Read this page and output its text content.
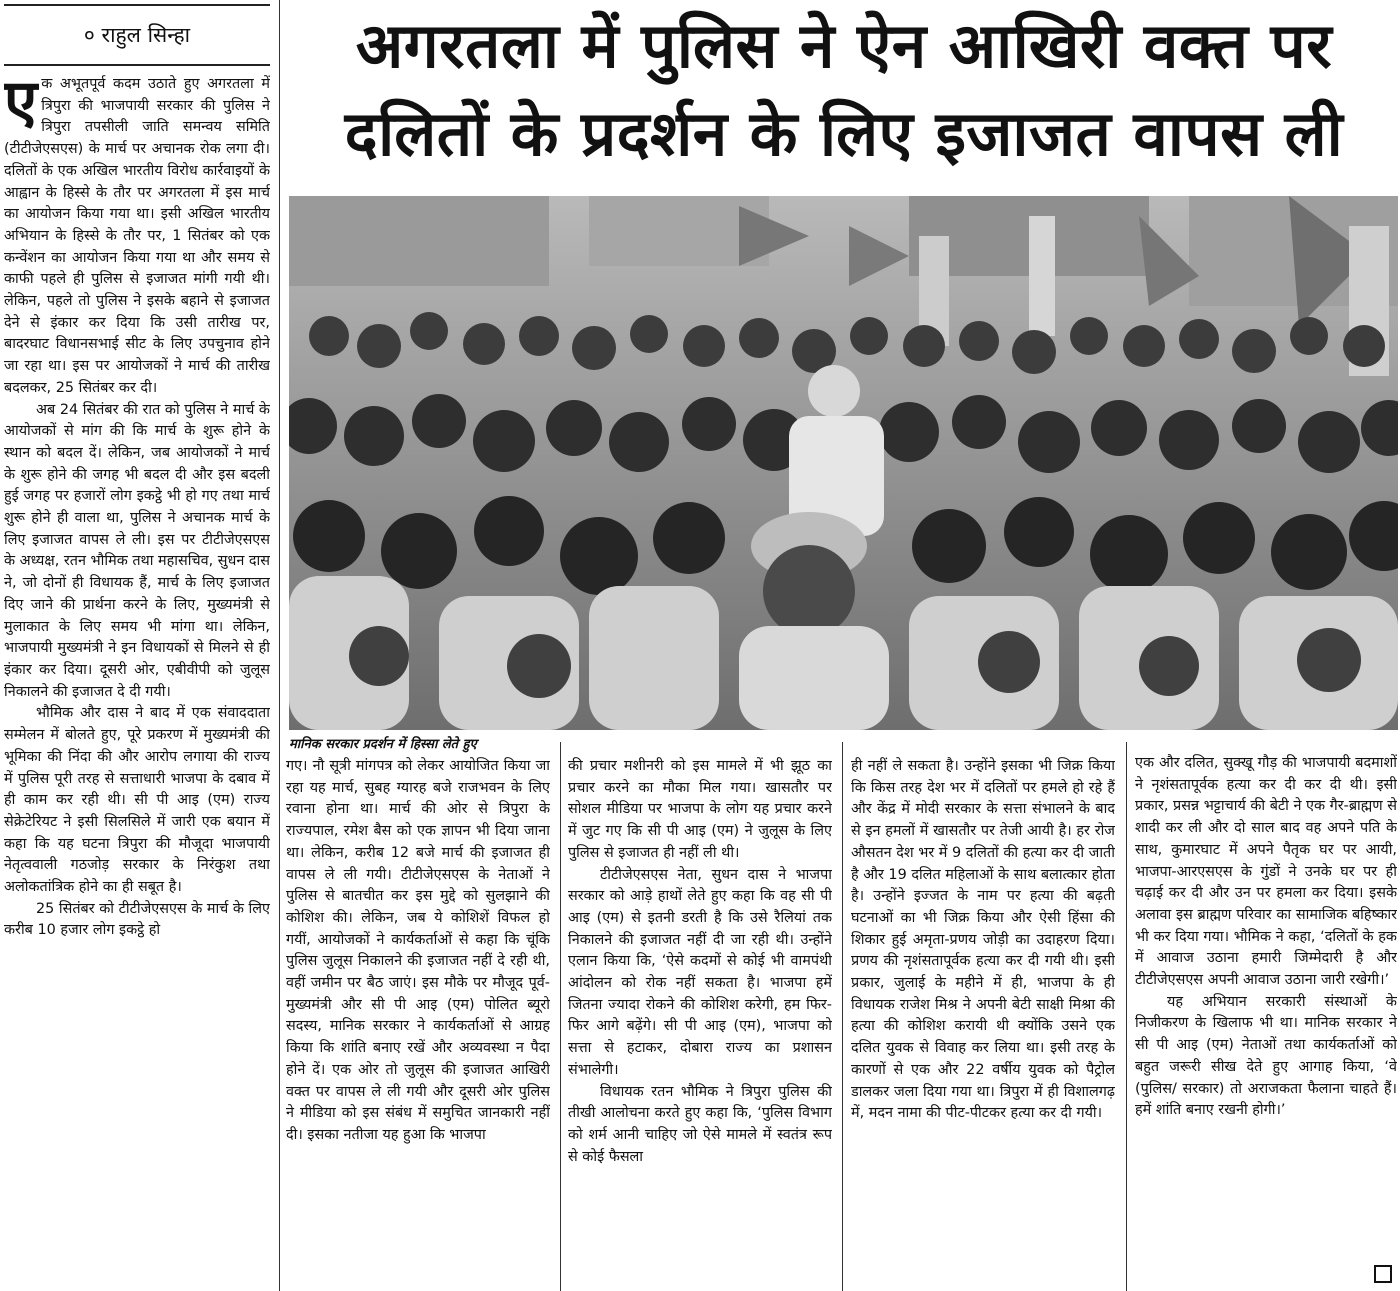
० राहुल सिन्हा

ए क अभूतपूर्व कदम उठाते हुए अगरतला में त्रिपुरा की भाजपायी सरकार की पुलिस ने त्रिपुरा तपसीली जाति समन्वय समिति (टीटीजेएसएस) के मार्च पर अचानक रोक लगा दी। दलितों के एक अखिल भारतीय विरोध कार्रवाइयों के आह्वान के हिस्से के तौर पर अगरतला में इस मार्च का आयोजन किया गया था। इसी अखिल भारतीय अभियान के हिस्से के तौर पर, 1 सितंबर को एक कन्वेंशन का आयोजन किया गया था और समय से काफी पहले ही पुलिस से इजाजत मांगी गयी थी। लेकिन, पहले तो पुलिस ने इसके बहाने से इजाजत देने से इंकार कर दिया कि उसी तारीख पर, बादरघाट विधानसभाई सीट के लिए उपचुनाव होने जा रहा था। इस पर आयोजकों ने मार्च की तारीख बदलकर, 25 सितंबर कर दी।

अब 24 सितंबर की रात को पुलिस ने मार्च के आयोजकों से मांग की कि मार्च के शुरू होने के स्थान को बदल दें। लेकिन, जब आयोजकों ने मार्च के शुरू होने की जगह भी बदल दी और इस बदली हुई जगह पर हजारों लोग इकट्ठे भी हो गए तथा मार्च शुरू होने ही वाला था, पुलिस ने अचानक मार्च के लिए इजाजत वापस ले ली। इस पर टीटीजेएसएस के अध्यक्ष, रतन भौमिक तथा महासचिव, सुधन दास ने, जो दोनों ही विधायक हैं, मार्च के लिए इजाजत दिए जाने की प्रार्थना करने के लिए, मुख्यमंत्री से मुलाकात के लिए समय भी मांगा था। लेकिन, भाजपायी मुख्यमंत्री ने इन विधायकों से मिलने से ही इंकार कर दिया। दूसरी ओर, एबीवीपी को जुलूस निकालने की इजाजत दे दी गयी।

भौमिक और दास ने बाद में एक संवाददाता सम्मेलन में बोलते हुए, पूरे प्रकरण में मुख्यमंत्री की भूमिका की निंदा की और आरोप लगाया की राज्य में पुलिस पूरी तरह से सत्ताधारी भाजपा के दबाव में ही काम कर रही थी। सी पी आइ (एम) राज्य सेक्रेटेरियट ने इसी सिलसिले में जारी एक बयान में कहा कि यह घटना त्रिपुरा की मौजूदा भाजपायी नेतृत्ववाली गठजोड़ सरकार के निरंकुश तथा अलोकतांत्रिक होने का ही सबूत है।

25 सितंबर को टीटीजेएसएस के मार्च के लिए करीब 10 हजार लोग इकट्ठे हो

अगरतला में पुलिस ने ऐन आखिरी वक्त पर
दलितों के प्रदर्शन के लिए इजाजत वापस ली
मानिक सरकार प्रदर्शन में हिस्सा लेते हुए

गए। नौ सूत्री मांगपत्र को लेकर आयोजित किया जा रहा यह मार्च, सुबह ग्यारह बजे राजभवन के लिए रवाना होना था। मार्च की ओर से त्रिपुरा के राज्यपाल, रमेश बैस को एक ज्ञापन भी दिया जाना था। लेकिन, करीब 12 बजे मार्च की इजाजत ही वापस ले ली गयी। टीटीजेएसएस के नेताओं ने पुलिस से बातचीत कर इस मुद्दे को सुलझाने की कोशिश की। लेकिन, जब ये कोशिशें विफल हो गयीं, आयोजकों ने कार्यकर्ताओं से कहा कि चूंकि पुलिस जुलूस निकालने की इजाजत नहीं दे रही थी, वहीं जमीन पर बैठ जाएं। इस मौके पर मौजूद पूर्व-मुख्यमंत्री और सी पी आइ (एम) पोलित ब्यूरो सदस्य, मानिक सरकार ने कार्यकर्ताओं से आग्रह किया कि शांति बनाए रखें और अव्यवस्था न पैदा होने दें। एक ओर तो जुलूस की इजाजत आखिरी वक्त पर वापस ले ली गयी और दूसरी ओर पुलिस ने मीडिया को इस संबंध में समुचित जानकारी नहीं दी। इसका नतीजा यह हुआ कि भाजपा

की प्रचार मशीनरी को इस मामले में भी झूठ का प्रचार करने का मौका मिल गया। खासतौर पर सोशल मीडिया पर भाजपा के लोग यह प्रचार करने में जुट गए कि सी पी आइ (एम) ने जुलूस के लिए पुलिस से इजाजत ही नहीं ली थी।

टीटीजेएसएस नेता, सुधन दास ने भाजपा सरकार को आड़े हाथों लेते हुए कहा कि वह सी पी आइ (एम) से इतनी डरती है कि उसे रैलियां तक निकालने की इजाजत नहीं दी जा रही थी। उन्होंने एलान किया कि, ‘ऐसे कदमों से कोई भी वामपंथी आंदोलन को रोक नहीं सकता है। भाजपा हमें जितना ज्यादा रोकने की कोशिश करेगी, हम फिर-फिर आगे बढ़ेंगे। सी पी आइ (एम), भाजपा को सत्ता से हटाकर, दोबारा राज्य का प्रशासन संभालेगी।

विधायक रतन भौमिक ने त्रिपुरा पुलिस की तीखी आलोचना करते हुए कहा कि, ‘पुलिस विभाग को शर्म आनी चाहिए जो ऐसे मामले में स्वतंत्र रूप से कोई फैसला

ही नहीं ले सकता है। उन्होंने इसका भी जिक्र किया कि किस तरह देश भर में दलितों पर हमले हो रहे हैं और केंद्र में मोदी सरकार के सत्ता संभालने के बाद से इन हमलों में खासतौर पर तेजी आयी है। हर रोज औसतन देश भर में 9 दलितों की हत्या कर दी जाती है और 19 दलित महिलाओं के साथ बलात्कार होता है। उन्होंने इज्जत के नाम पर हत्या की बढ़ती घटनाओं का भी जिक्र किया और ऐसी हिंसा की शिकार हुई अमृता-प्रणय जोड़ी का उदाहरण दिया। प्रणय की नृशंसतापूर्वक हत्या कर दी गयी थी। इसी प्रकार, जुलाई के महीने में ही, भाजपा के ही विधायक राजेश मिश्र ने अपनी बेटी साक्षी मिश्रा की हत्या की कोशिश करायी थी क्योंकि उसने एक दलित युवक से विवाह कर लिया था। इसी तरह के कारणों से एक और 22 वर्षीय युवक को पैट्रोल डालकर जला दिया गया था। त्रिपुरा में ही विशालगढ़ में, मदन नामा की पीट-पीटकर हत्या कर दी गयी।

एक और दलित, सुक्खू गौड़ की भाजपायी बदमाशों ने नृशंसतापूर्वक हत्या कर दी कर दी थी। इसी प्रकार, प्रसन्न भट्टाचार्य की बेटी ने एक गैर-ब्राह्मण से शादी कर ली और दो साल बाद वह अपने पति के साथ, कुमारघाट में अपने पैतृक घर पर आयी, भाजपा-आरएसएस के गुंडों ने उनके घर पर ही चढ़ाई कर दी और उन पर हमला कर दिया। इसके अलावा इस ब्राह्मण परिवार का सामाजिक बहिष्कार भी कर दिया गया। भौमिक ने कहा, ‘दलितों के हक में आवाज उठाना हमारी जिम्मेदारी है और टीटीजेएसएस अपनी आवाज उठाना जारी रखेगी।’

यह अभियान सरकारी संस्थाओं के निजीकरण के खिलाफ भी था। मानिक सरकार ने सी पी आइ (एम) नेताओं तथा कार्यकर्ताओं को बहुत जरूरी सीख देते हुए आगाह किया, ‘वे (पुलिस/ सरकार) तो अराजकता फैलाना चाहते हैं। हमें शांति बनाए रखनी होगी।’
